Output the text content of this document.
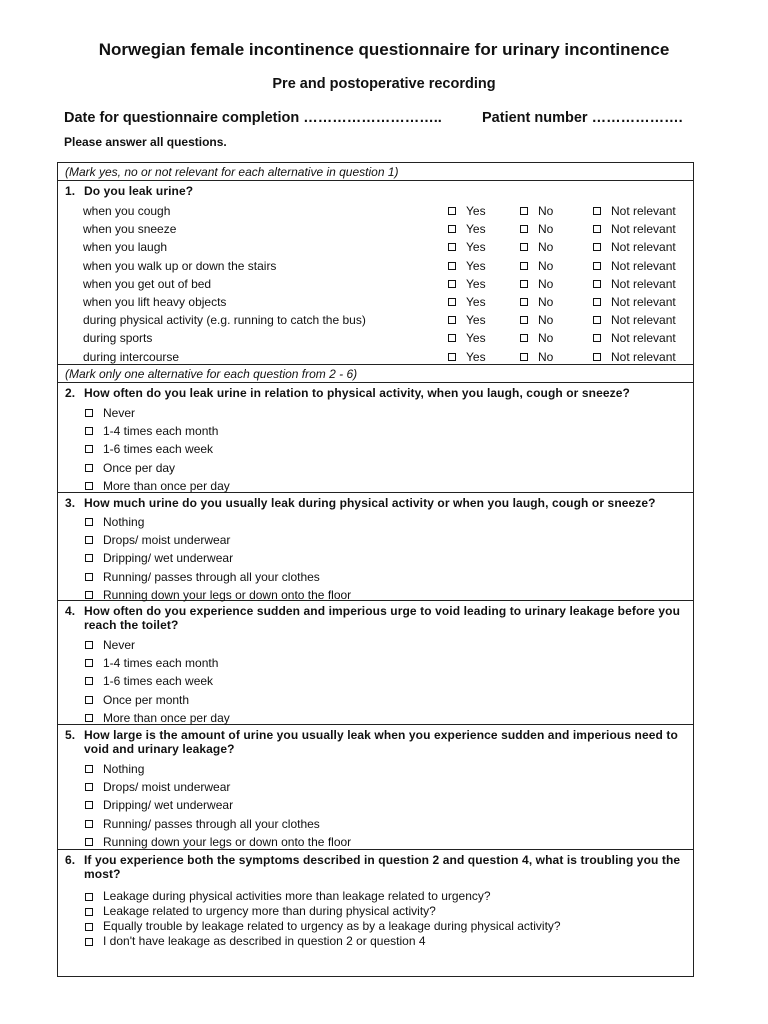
Norwegian female incontinence questionnaire for urinary incontinence
Pre and postoperative recording
Date for questionnaire completion ………………………..	Patient number ……………….
Please answer all questions.
(Mark yes, no or not relevant for each alternative in question 1)
1. Do you leak urine?
when you cough	Yes	No	Not relevant
when you sneeze	Yes	No	Not relevant
when you laugh	Yes	No	Not relevant
when you walk up or down the stairs	Yes	No	Not relevant
when you get out of bed	Yes	No	Not relevant
when you lift heavy objects	Yes	No	Not relevant
during physical activity (e.g. running to catch the bus)	Yes	No	Not relevant
during sports	Yes	No	Not relevant
during intercourse	Yes	No	Not relevant
(Mark only one alternative for each question from 2 - 6)
2. How often do you leak urine in relation to physical activity, when you laugh, cough or sneeze?
Never
1-4 times each month
1-6 times each week
Once per day
More than once per day
3. How much urine do you usually leak during physical activity or when you laugh, cough or sneeze?
Nothing
Drops/ moist underwear
Dripping/ wet underwear
Running/ passes through all your clothes
Running down your legs or down onto the floor
4. How often do you experience sudden and imperious urge to void leading to urinary leakage before you reach the toilet?
Never
1-4 times each month
1-6 times each week
Once per month
More than once per day
5. How large is the amount of urine you usually leak when you experience sudden and imperious need to void and urinary leakage?
Nothing
Drops/ moist underwear
Dripping/ wet underwear
Running/ passes through all your clothes
Running down your legs or down onto the floor
6. If you experience both the symptoms described in question 2 and question 4, what is troubling you the most?
Leakage during physical activities more than leakage related to urgency?
Leakage related to urgency more than during physical activity?
Equally trouble by leakage related to urgency as by a leakage during physical activity?
I don't have leakage as described in question 2 or question 4
